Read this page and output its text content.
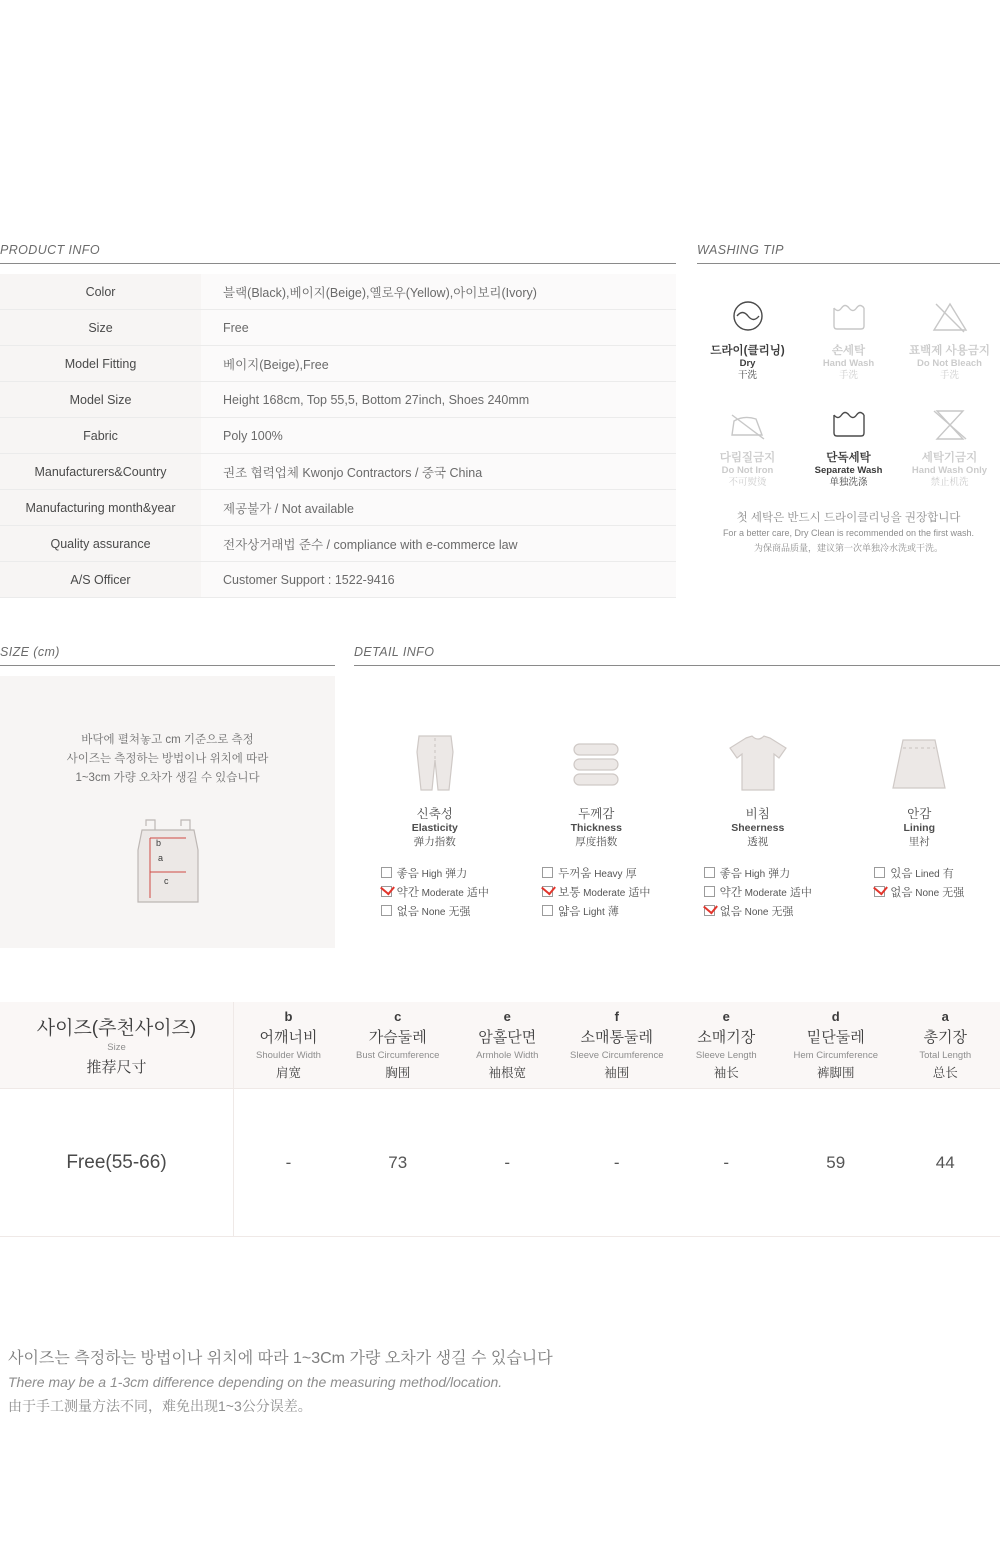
PRODUCT INFO
Color	블랙(Black),베이지(Beige),옐로우(Yellow),아이보리(Ivory)
Size	Free
Model Fitting	베이지(Beige),Free
Model Size	Height 168cm, Top 55,5, Bottom 27inch, Shoes 240mm
Fabric	Poly 100%
Manufacturers&Country	권조 협력업체 Kwonjo Contractors / 중국 China
Manufacturing month&year	제공불가 / Not available
Quality assurance	전자상거래법 준수 / compliance with e-commerce law
A/S Officer	Customer Support : 1522-9416
WASHING TIP
드라이(클리닝)
Dry
干洗
손세탁
Hand Wash
手洗
표백제 사용금지
Do Not Bleach
手洗
다림질금지
Do Not Iron
不可熨烫
단독세탁
Separate Wash
单独洗涤
세탁기금지
Hand Wash Only
禁止机洗
첫 세탁은 반드시 드라이클리닝을 권장합니다
For a better care, Dry Clean is recommended on the first wash.
为保商品质量，建议第一次单独冷水洗或干洗。
SIZE (cm)
바닥에 펼쳐놓고 cm 기준으로 측정
사이즈는 측정하는 방법이나 위치에 따라
1~3cm 가량 오차가 생길 수 있습니다
b
a
c
DETAIL INFO
신축성
Elasticity
弹力指数
좋음 High 弹力
약간 Moderate 适中
없음 None 无强
두께감
Thickness
厚度指数
두꺼움 Heavy 厚
보통 Moderate 适中
얇음 Light 薄
비침
Sheerness
透视
좋음 High 弹力
약간 Moderate 适中
없음 None 无强
안감
Lining
里衬
있음 Lined 有
없음 None 无强
사이즈(추천사이즈)
Size
推荐尺寸

b
어깨너비
Shoulder Width
肩宽

c
가슴둘레
Bust Circumference
胸围

e
암홀단면
Armhole Width
袖根宽

f
소매통둘레
Sleeve Circumference
袖围

e
소매기장
Sleeve Length
袖长

d
밑단둘레
Hem Circumference
裤脚围

a
총기장
Total Length
总长

Free(55-66)	-	73	-	-	-	59	44
사이즈는 측정하는 방법이나 위치에 따라 1~3Cm 가량 오차가 생길 수 있습니다
There may be a 1-3cm difference depending on the measuring method/location.
由于手工测量方法不同，难免出现1~3公分误差。
